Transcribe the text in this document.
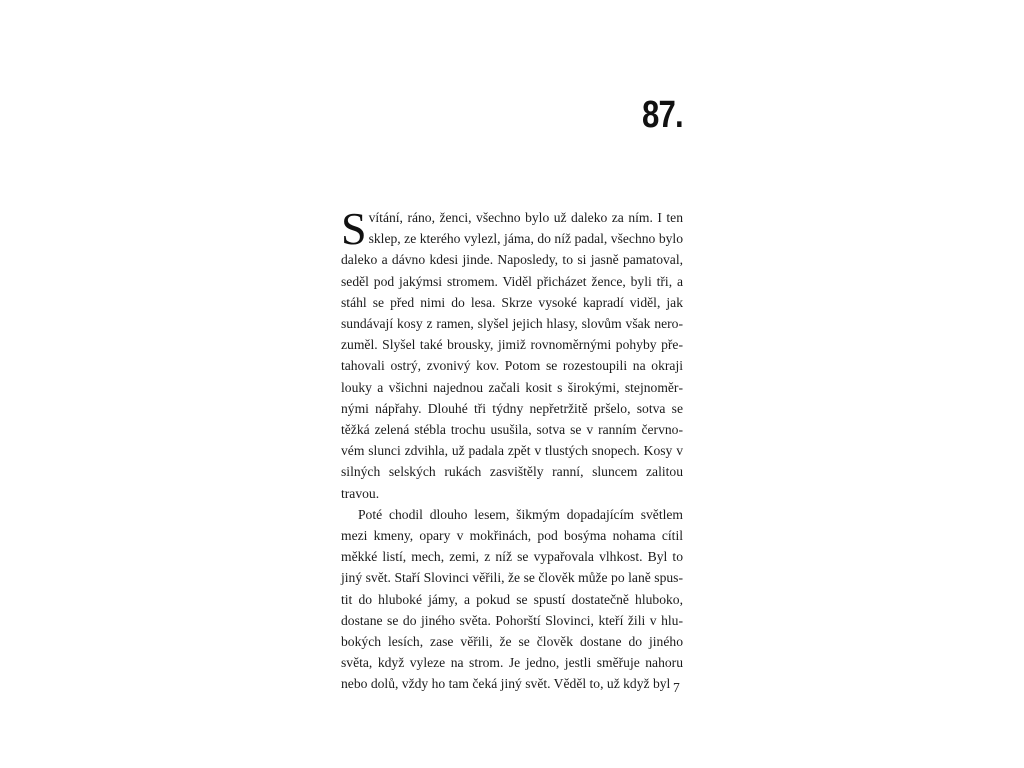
87.

Svítání, ráno, ženci, všechno bylo už daleko za ním. I ten sklep, ze kterého vylezl, jáma, do níž padal, všechno bylo daleko a dávno kdesi jinde. Naposledy, to si jasně pamatoval, seděl pod jakýmsi stromem. Viděl přicházet žence, byli tři, a stáhl se před nimi do lesa. Skrze vysoké kapradí viděl, jak sundávají kosy z ramen, slyšel jejich hlasy, slovům však nerozuměl. Slyšel také brousky, jimiž rovnoměrnými pohyby přetahovali ostrý, zvonivý kov. Potom se rozestoupili na okraji louky a všichni najednou začali kosit s širokými, stejnoměrnými nápřahy. Dlouhé tři týdny nepřetržitě pršelo, sotva se těžká zelená stébla trochu usušila, sotva se v ranním červnovém slunci zdvihla, už padala zpět v tlustých snopech. Kosy v silných selských rukách zasvištěly ranní, sluncem zalitou travou.

Poté chodil dlouho lesem, šikmým dopadajícím světlem mezi kmeny, opary v mokřinách, pod bosýma nohama cítil měkké listí, mech, zemi, z níž se vypařovala vlhkost. Byl to jiný svět. Staří Slovinci věřili, že se člověk může po laně spustit do hluboké jámy, a pokud se spustí dostatečně hluboko, dostane se do jiného světa. Pohorští Slovinci, kteří žili v hlubokých lesích, zase věřili, že se člověk dostane do jiného světa, když vyleze na strom. Je jedno, jestli směřuje nahoru nebo dolů, vždy ho tam čeká jiný svět. Věděl to, už když byl 7
